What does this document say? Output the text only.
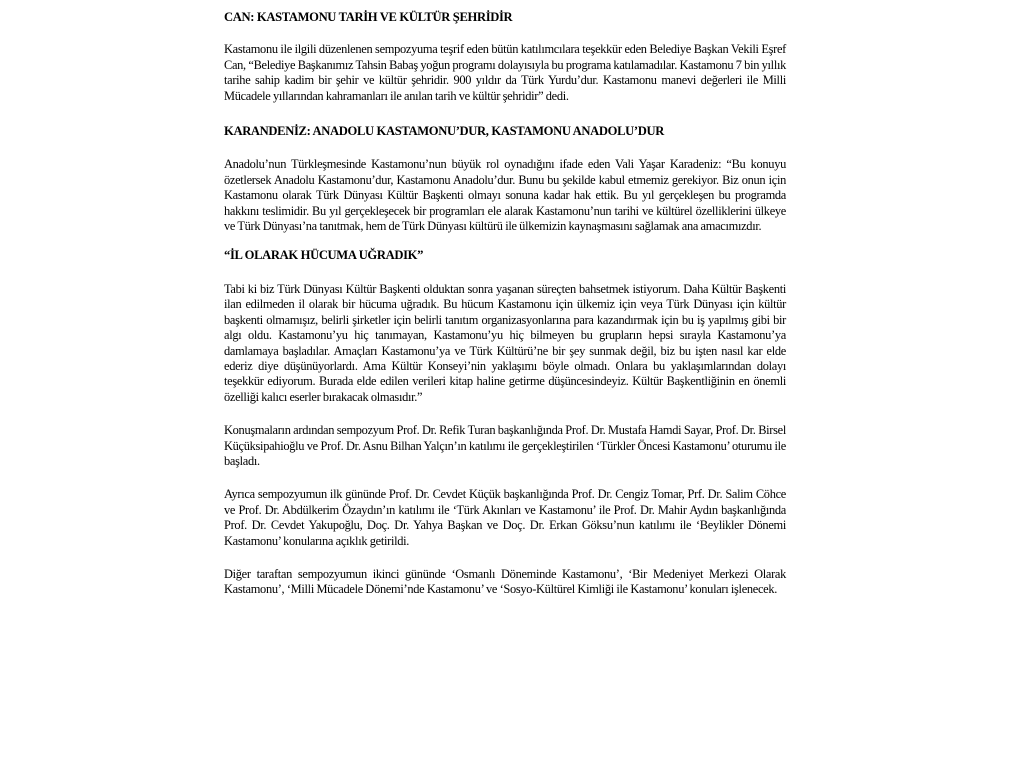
CAN: KASTAMONU TARİH VE KÜLTÜR ŞEHRİDİR

Kastamonu ile ilgili düzenlenen sempozyuma teşrif eden bütün katılımcılara teşekkür eden Belediye Başkan Vekili Eşref Can, “Belediye Başkanımız Tahsin Babaş yoğun programı dolayısıyla bu programa katılamadılar. Kastamonu 7 bin yıllık tarihe sahip kadim bir şehir ve kültür şehridir. 900 yıldır da Türk Yurdu’dur. Kastamonu manevi değerleri ile Milli Mücadele yıllarından kahramanları ile anılan tarih ve kültür şehridir” dedi.

KARANDENİZ: ANADOLU KASTAMONU’DUR, KASTAMONU ANADOLU’DUR

Anadolu’nun Türkleşmesinde Kastamonu’nun büyük rol oynadığını ifade eden Vali Yaşar Karadeniz: “Bu konuyu özetlersek Anadolu Kastamonu’dur, Kastamonu Anadolu’dur. Bunu bu şekilde kabul etmemiz gerekiyor. Biz onun için Kastamonu olarak Türk Dünyası Kültür Başkenti olmayı sonuna kadar hak ettik. Bu yıl gerçekleşen bu programda hakkını teslimidir. Bu yıl gerçekleşecek bir programları ele alarak Kastamonu’nun tarihi ve kültürel özelliklerini ülkeye ve Türk Dünyası’na tanıtmak, hem de Türk Dünyası kültürü ile ülkemizin kaynaşmasını sağlamak ana amacımızdır.

“İL OLARAK HÜCUMA UĞRADIK”

Tabi ki biz Türk Dünyası Kültür Başkenti olduktan sonra yaşanan süreçten bahsetmek istiyorum. Daha Kültür Başkenti ilan edilmeden il olarak bir hücuma uğradık. Bu hücum Kastamonu için ülkemiz için veya Türk Dünyası için kültür başkenti olmamışız, belirli şirketler için belirli tanıtım organizasyonlarına para kazandırmak için bu iş yapılmış gibi bir algı oldu. Kastamonu’yu hiç tanımayan, Kastamonu’yu hiç bilmeyen bu grupların hepsi sırayla Kastamonu’ya damlamaya başladılar. Amaçları Kastamonu’ya ve Türk Kültürü’ne bir şey sunmak değil, biz bu işten nasıl kar elde ederiz diye düşünüyorlardı. Ama Kültür Konseyi’nin yaklaşımı böyle olmadı. Onlara bu yaklaşımlarından dolayı teşekkür ediyorum. Burada elde edilen verileri kitap haline getirme düşüncesindeyiz. Kültür Başkentliğinin en önemli özelliği kalıcı eserler bırakacak olmasıdır.”

Konuşmaların ardından sempozyum Prof. Dr. Refik Turan başkanlığında Prof. Dr. Mustafa Hamdi Sayar, Prof. Dr. Birsel Küçüksipahioğlu ve Prof. Dr. Asnu Bilhan Yalçın’ın katılımı ile gerçekleştirilen ‘Türkler Öncesi Kastamonu’ oturumu ile başladı.

Ayrıca sempozyumun ilk gününde Prof. Dr. Cevdet Küçük başkanlığında Prof. Dr. Cengiz Tomar, Prf. Dr. Salim Cöhce ve Prof. Dr. Abdülkerim Özaydın’ın katılımı ile ‘Türk Akınları ve Kastamonu’ ile Prof. Dr. Mahir Aydın başkanlığında Prof. Dr. Cevdet Yakupoğlu, Doç. Dr. Yahya Başkan ve Doç. Dr. Erkan Göksu’nun katılımı ile ‘Beylikler Dönemi Kastamonu’ konularına açıklık getirildi.

Diğer taraftan sempozyumun ikinci gününde ‘Osmanlı Döneminde Kastamonu’, ‘Bir Medeniyet Merkezi Olarak Kastamonu’, ‘Milli Mücadele Dönemi’nde Kastamonu’ ve ‘Sosyo-Kültürel Kimliği ile Kastamonu’ konuları işlenecek.
